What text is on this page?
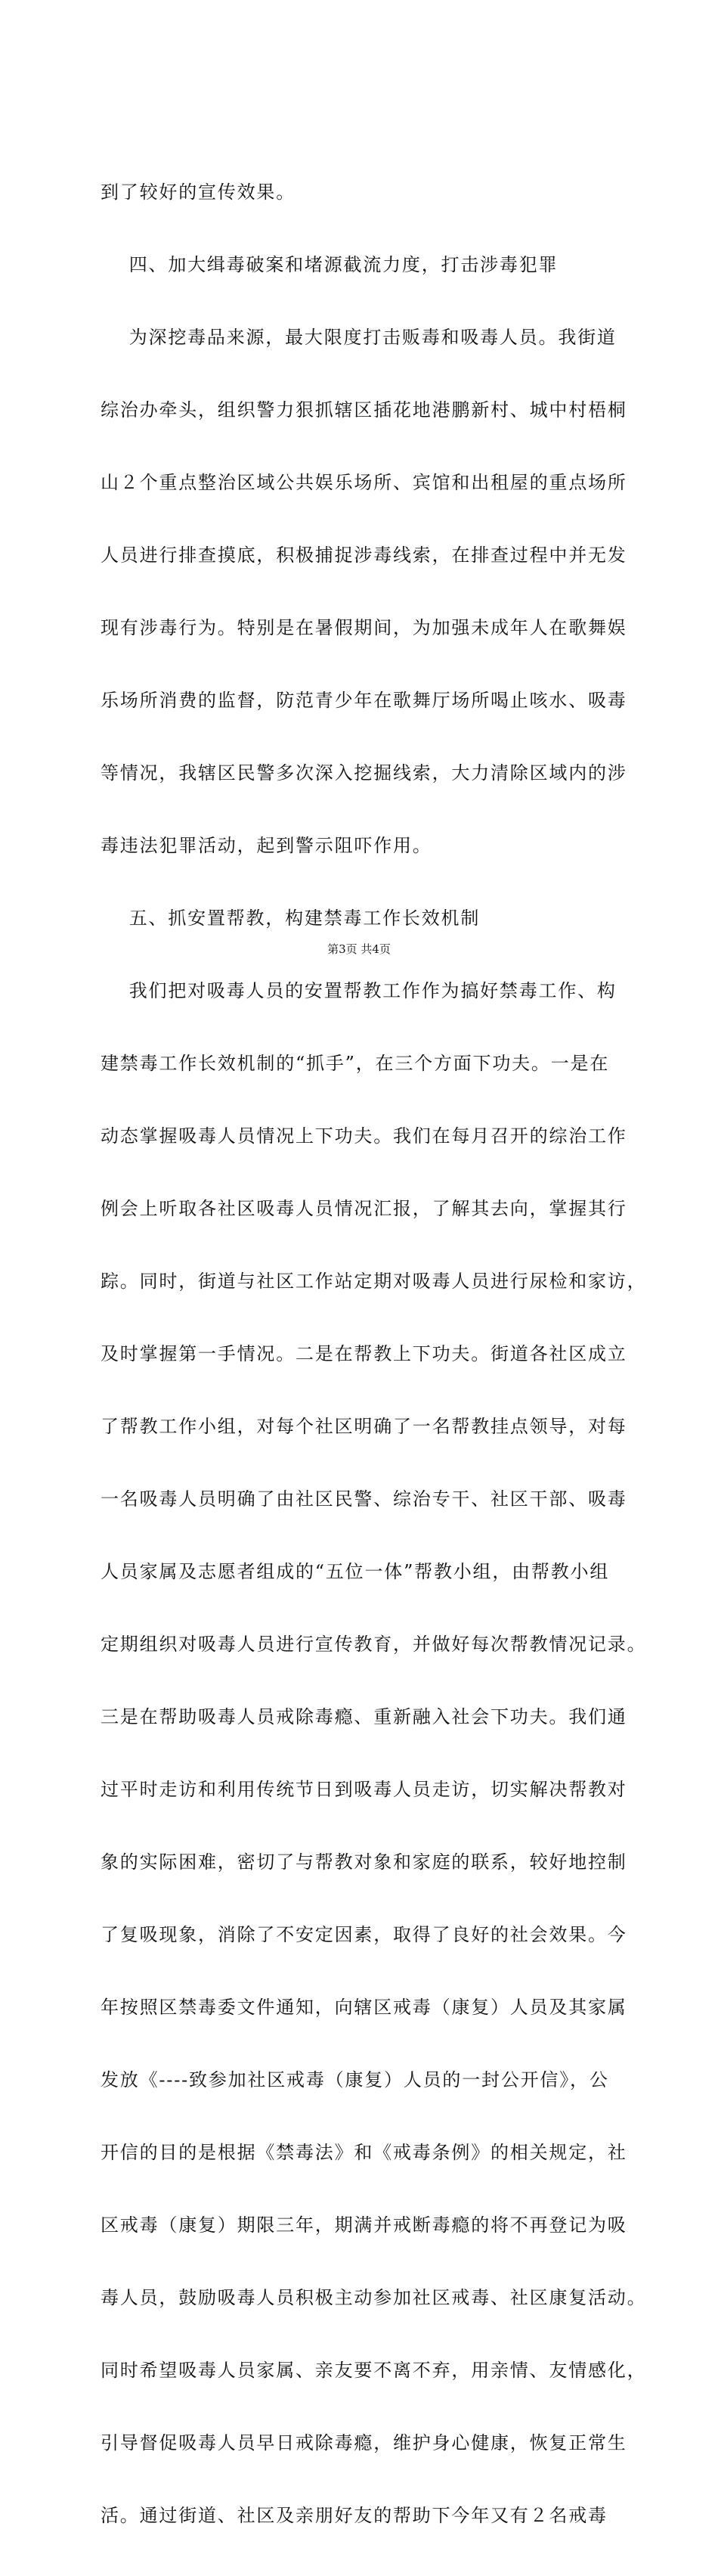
到了较好的宣传效果。

四、加大缉毒破案和堵源截流力度，打击涉毒犯罪

为深挖毒品来源，最大限度打击贩毒和吸毒人员。我街道

综治办牵头，组织警力狠抓辖区插花地港鹏新村、城中村梧桐

山２个重点整治区域公共娱乐场所、宾馆和出租屋的重点场所

人员进行排查摸底，积极捕捉涉毒线索，在排查过程中并无发

现有涉毒行为。特别是在暑假期间，为加强未成年人在歌舞娱

乐场所消费的监督，防范青少年在歌舞厅场所喝止咳水、吸毒

等情况，我辖区民警多次深入挖掘线索，大力清除区域内的涉

毒违法犯罪活动，起到警示阻吓作用。

五、抓安置帮教，构建禁毒工作长效机制

我们把对吸毒人员的安置帮教工作作为搞好禁毒工作、构

建禁毒工作长效机制的“抓手”，在三个方面下功夫。一是在

动态掌握吸毒人员情况上下功夫。我们在每月召开的综治工作

例会上听取各社区吸毒人员情况汇报，了解其去向，掌握其行

踪。同时，街道与社区工作站定期对吸毒人员进行尿检和家访，

及时掌握第一手情况。二是在帮教上下功夫。街道各社区成立

了帮教工作小组，对每个社区明确了一名帮教挂点领导，对每

一名吸毒人员明确了由社区民警、综治专干、社区干部、吸毒

人员家属及志愿者组成的“五位一体”帮教小组，由帮教小组

定期组织对吸毒人员进行宣传教育，并做好每次帮教情况记录。

三是在帮助吸毒人员戒除毒瘾、重新融入社会下功夫。我们通

过平时走访和利用传统节日到吸毒人员走访，切实解决帮教对

象的实际困难，密切了与帮教对象和家庭的联系，较好地控制

了复吸现象，消除了不安定因素，取得了良好的社会效果。今

年按照区禁毒委文件通知，向辖区戒毒（康复）人员及其家属

发放《----致参加社区戒毒（康复）人员的一封公开信》，公

开信的目的是根据《禁毒法》和《戒毒条例》的相关规定，社

区戒毒（康复）期限三年，期满并戒断毒瘾的将不再登记为吸

毒人员，鼓励吸毒人员积极主动参加社区戒毒、社区康复活动。

同时希望吸毒人员家属、亲友要不离不弃，用亲情、友情感化，

引导督促吸毒人员早日戒除毒瘾，维护身心健康，恢复正常生

活。通过街道、社区及亲朋好友的帮助下今年又有２名戒毒

第3页 共4页
